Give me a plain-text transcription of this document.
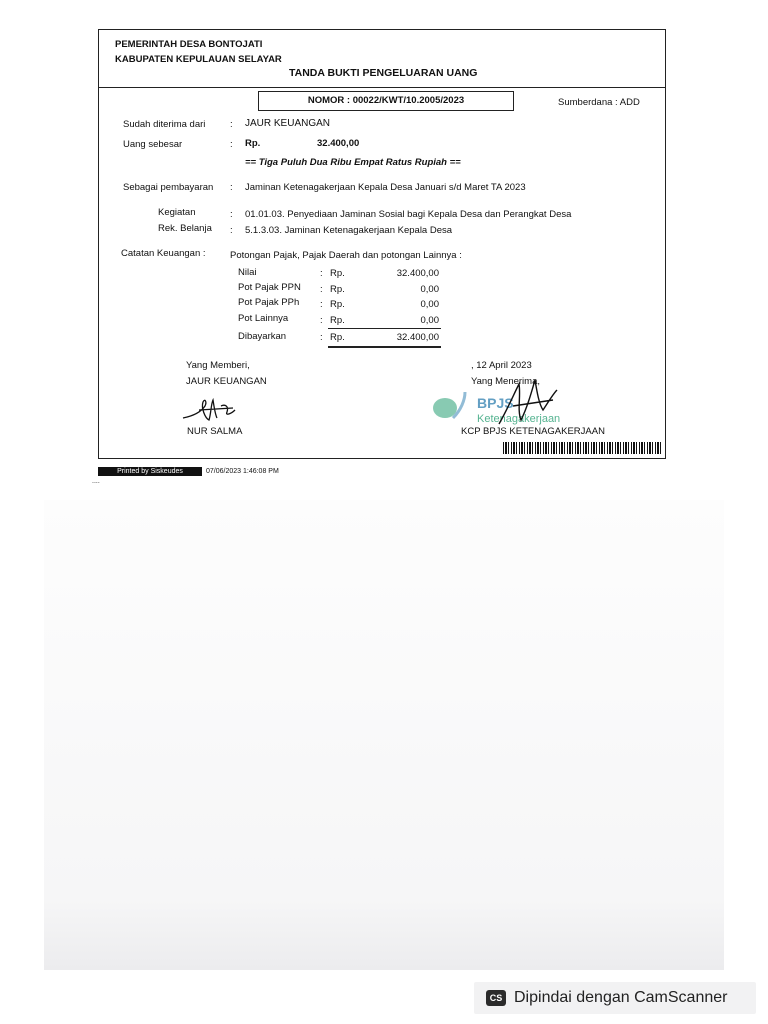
PEMERINTAH DESA BONTOJATI
KABUPATEN KEPULAUAN SELAYAR
TANDA BUKTI PENGELUARAN UANG
NOMOR : 00022/KWT/10.2005/2023	Sumberdana : ADD
Sudah diterima dari	: JAUR KEUANGAN
Uang sebesar	: Rp.	32.400,00
== Tiga Puluh Dua Ribu Empat Ratus Rupiah ==
Sebagai pembayaran : Jaminan Ketenagakerjaan Kepala Desa Januari s/d Maret TA 2023
Kegiatan	: 01.01.03. Penyediaan Jaminan Sosial bagi Kepala Desa dan Perangkat Desa
Rek. Belanja : 5.1.3.03. Jaminan Ketenagakerjaan Kepala Desa
Catatan Keuangan :	Potongan Pajak, Pajak Daerah dan potongan Lainnya :
Nilai	: Rp.	32.400,00
Pot Pajak PPN : Rp.	0,00
Pot Pajak PPh : Rp.	0,00
Pot Lainnya	: Rp.	0,00
Dibayarkan	: Rp.	32.400,00
Yang Memberi,
JAUR KEUANGAN
NUR SALMA
, 12 April 2023
Yang Menerima,
BPJS
Ketenagakerjaan
KCP BPJS KETENAGAKERJAAN
Printed by Siskeudes	07/06/2023 1:46:08 PM
....
CS Dipindai dengan CamScanner
